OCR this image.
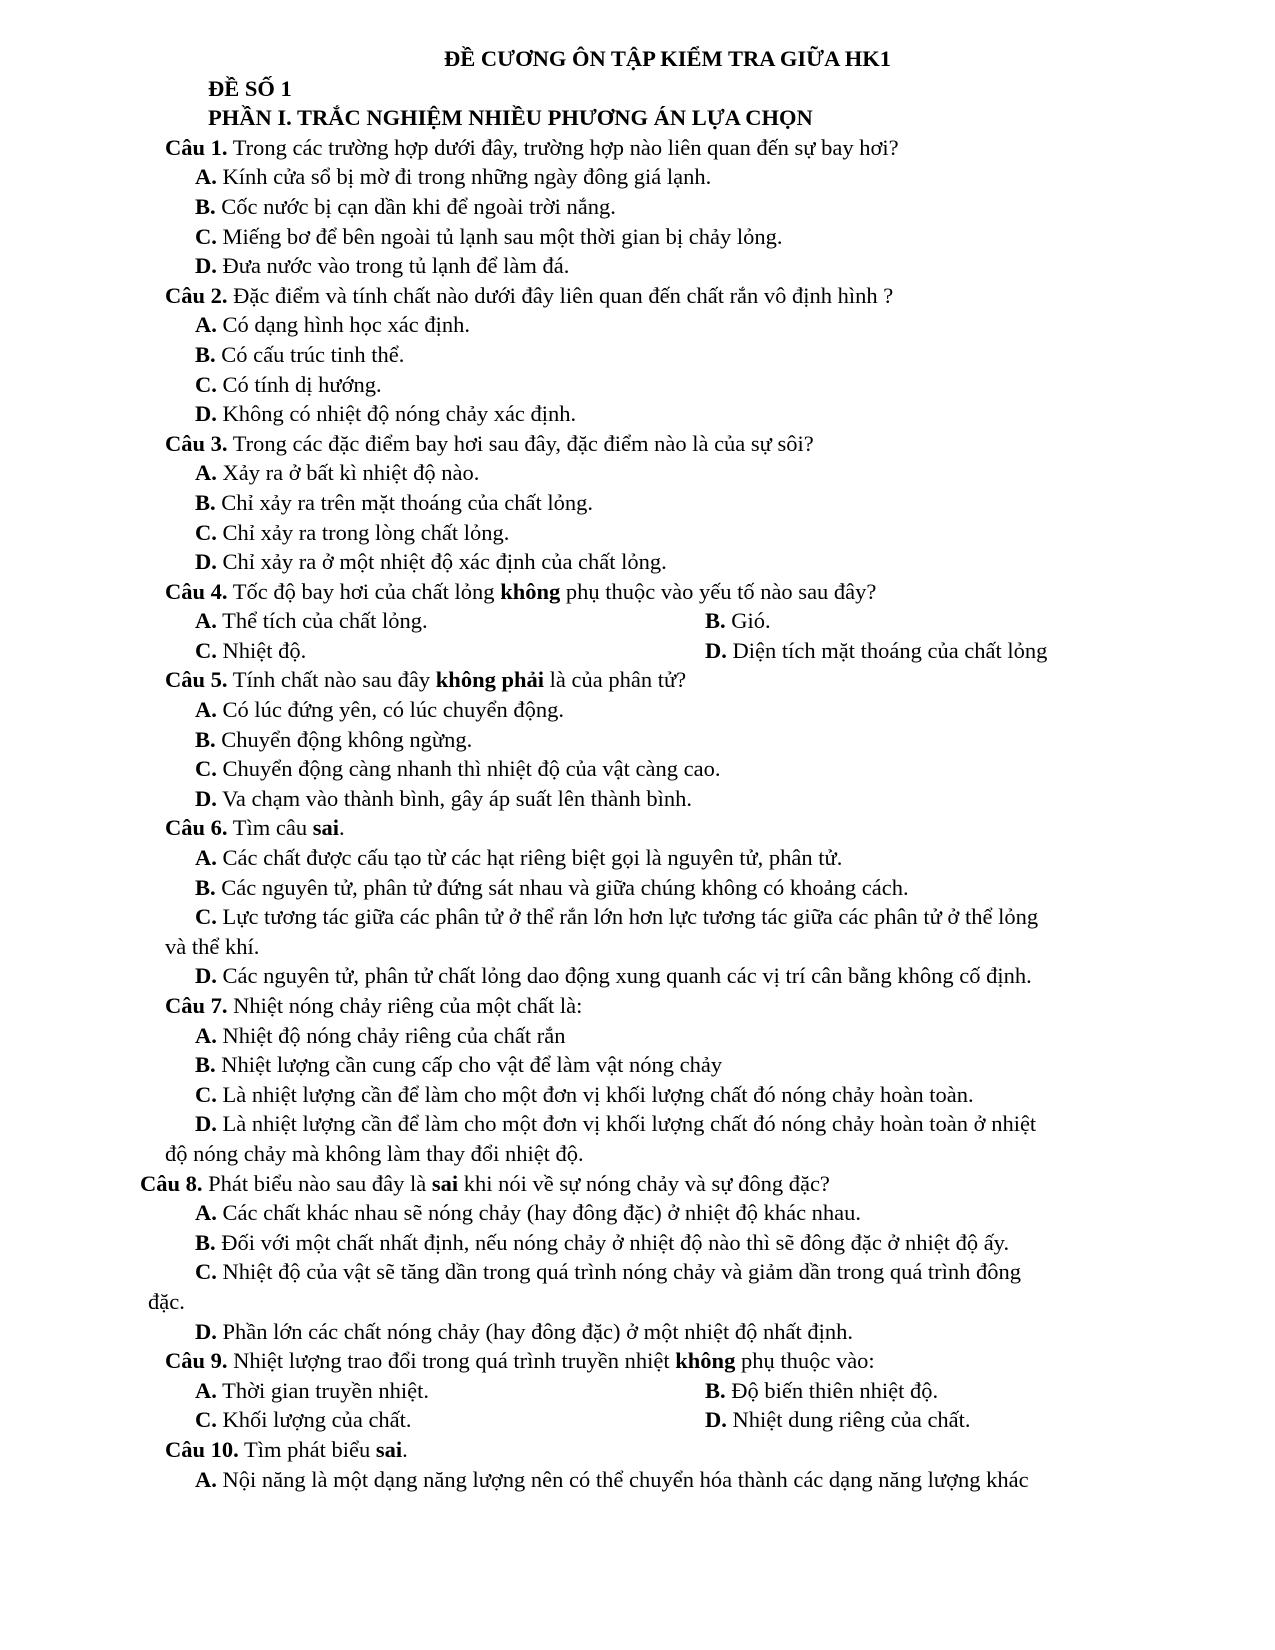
ĐỀ CƯƠNG ÔN TẬP KIỂM TRA GIỮA HK1
ĐỀ SỐ 1
PHẦN I. TRẮC NGHIỆM NHIỀU PHƯƠNG ÁN LỰA CHỌN
Câu 1. Trong các trường hợp dưới đây, trường hợp nào liên quan đến sự bay hơi?
A. Kính cửa sổ bị mờ đi trong những ngày đông giá lạnh.
B. Cốc nước bị cạn dần khi để ngoài trời nắng.
C. Miếng bơ để bên ngoài tủ lạnh sau một thời gian bị chảy lỏng.
D. Đưa nước vào trong tủ lạnh để làm đá.
Câu 2. Đặc điểm và tính chất nào dưới đây liên quan đến chất rắn vô định hình ?
A. Có dạng hình học xác định.
B. Có cấu trúc tinh thể.
C. Có tính dị hướng.
D. Không có nhiệt độ nóng chảy xác định.
Câu 3. Trong các đặc điểm bay hơi sau đây, đặc điểm nào là của sự sôi?
A. Xảy ra ở bất kì nhiệt độ nào.
B. Chỉ xảy ra trên mặt thoáng của chất lỏng.
C. Chỉ xảy ra trong lòng chất lỏng.
D. Chỉ xảy ra ở một nhiệt độ xác định của chất lỏng.
Câu 4. Tốc độ bay hơi của chất lỏng không phụ thuộc vào yếu tố nào sau đây?
A. Thể tích của chất lỏng.	B. Gió.
C. Nhiệt độ.	D. Diện tích mặt thoáng của chất lỏng
Câu 5. Tính chất nào sau đây không phải là của phân tử?
A. Có lúc đứng yên, có lúc chuyển động.
B. Chuyển động không ngừng.
C. Chuyển động càng nhanh thì nhiệt độ của vật càng cao.
D. Va chạm vào thành bình, gây áp suất lên thành bình.
Câu 6. Tìm câu sai.
A. Các chất được cấu tạo từ các hạt riêng biệt gọi là nguyên tử, phân tử.
B. Các nguyên tử, phân tử đứng sát nhau và giữa chúng không có khoảng cách.
C. Lực tương tác giữa các phân tử ở thể rắn lớn hơn lực tương tác giữa các phân tử ở thể lỏng
và thể khí.
D. Các nguyên tử, phân tử chất lỏng dao động xung quanh các vị trí cân bằng không cố định.
Câu 7. Nhiệt nóng chảy riêng của một chất là:
A. Nhiệt độ nóng chảy riêng của chất rắn
B. Nhiệt lượng cần cung cấp cho vật để làm vật nóng chảy
C. Là nhiệt lượng cần để làm cho một đơn vị khối lượng chất đó nóng chảy hoàn toàn.
D. Là nhiệt lượng cần để làm cho một đơn vị khối lượng chất đó nóng chảy hoàn toàn ở nhiệt
độ nóng chảy mà không làm thay đổi nhiệt độ.
Câu 8. Phát biểu nào sau đây là sai khi nói về sự nóng chảy và sự đông đặc?
A. Các chất khác nhau sẽ nóng chảy (hay đông đặc) ở nhiệt độ khác nhau.
B. Đối với một chất nhất định, nếu nóng chảy ở nhiệt độ nào thì sẽ đông đặc ở nhiệt độ ấy.
C. Nhiệt độ của vật sẽ tăng dần trong quá trình nóng chảy và giảm dần trong quá trình đông
đặc.
D. Phần lớn các chất nóng chảy (hay đông đặc) ở một nhiệt độ nhất định.
Câu 9. Nhiệt lượng trao đổi trong quá trình truyền nhiệt không phụ thuộc vào:
A. Thời gian truyền nhiệt.	B. Độ biến thiên nhiệt độ.
C. Khối lượng của chất.	D. Nhiệt dung riêng của chất.
Câu 10. Tìm phát biểu sai.
A. Nội năng là một dạng năng lượng nên có thể chuyển hóa thành các dạng năng lượng khác
